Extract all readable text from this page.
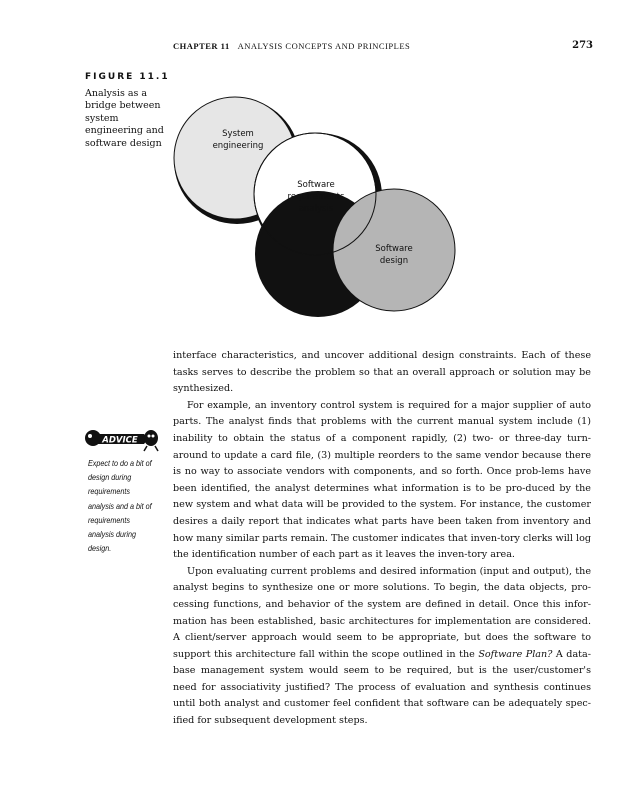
CHAPTER 11 ANALYSIS CONCEPTS AND PRINCIPLES	273
FIGURE 11.1
Analysis as a bridge between system engineering and software design
System
engineering
Software
requirements
analysis
Software
design
ADVICE
Expect to do a bit of design during requirements analysis and a bit of requirements analysis during design.

interface characteristics, and uncover additional design constraints. Each of these tasks serves to describe the problem so that an overall approach or solution may be synthesized.

For example, an inventory control system is required for a major supplier of auto parts. The analyst finds that problems with the current manual system include (1) inability to obtain the status of a component rapidly, (2) two- or three-day turn-around to update a card file, (3) multiple reorders to the same vendor because there is no way to associate vendors with components, and so forth. Once prob-lems have been identified, the analyst determines what information is to be pro-duced by the new system and what data will be provided to the system. For instance, the customer desires a daily report that indicates what parts have been taken from inventory and how many similar parts remain. The customer indicates that inven-tory clerks will log the identification number of each part as it leaves the inven-tory area.

Upon evaluating current problems and desired information (input and output), the analyst begins to synthesize one or more solutions. To begin, the data objects, pro-cessing functions, and behavior of the system are defined in detail. Once this infor-mation has been established, basic architectures for implementation are considered. A client/server approach would seem to be appropriate, but does the software to support this architecture fall within the scope outlined in the Software Plan? A data-base management system would seem to be required, but is the user/customer's need for associativity justified? The process of evaluation and synthesis continues until both analyst and customer feel confident that software can be adequately spec-ified for subsequent development steps.
